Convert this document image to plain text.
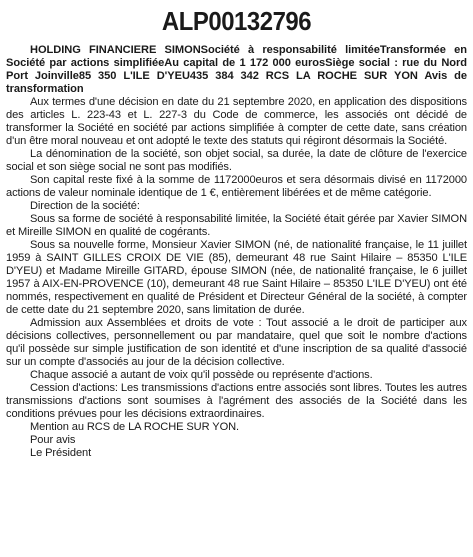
ALP00132796

HOLDING FINANCIERE SIMONSociété à responsabilité limitéeTransformée en Société par actions simplifiéeAu capital de 1 172 000 eurosSiège social : rue du Nord Port Joinville85 350 L'ILE D'YEU435 384 342 RCS LA ROCHE SUR YON Avis de transformation

Aux termes d'une décision en date du 21 septembre 2020, en application des dispositions des articles L. 223-43 et L. 227-3 du Code de commerce, les associés ont décidé de transformer la Société en société par actions simplifiée à compter de cette date, sans création d'un être moral nouveau et ont adopté le texte des statuts qui régiront désormais la Société.

La dénomination de la société, son objet social, sa durée, la date de clôture de l'exercice social et son siège social ne sont pas modifiés.

Son capital reste fixé à la somme de 1172000euros et sera désormais divisé en 1172000 actions de valeur nominale identique de 1 €, entièrement libérées et de même catégorie.

Direction de la société:

Sous sa forme de société à responsabilité limitée, la Société était gérée par Xavier SIMON et Mireille SIMON en qualité de cogérants.

Sous sa nouvelle forme, Monsieur Xavier SIMON (né, de nationalité française, le 11 juillet 1959 à SAINT GILLES CROIX DE VIE (85), demeurant 48 rue Saint Hilaire – 85350 L'ILE D'YEU) et Madame Mireille GITARD, épouse SIMON (née, de nationalité française, le 6 juillet 1957 à AIX-EN-PROVENCE (10), demeurant 48 rue Saint Hilaire – 85350 L'ILE D'YEU) ont été nommés, respectivement en qualité de Président et Directeur Général de la société, à compter de cette date du 21 septembre 2020, sans limitation de durée.

Admission aux Assemblées et droits de vote : Tout associé a le droit de participer aux décisions collectives, personnellement ou par mandataire, quel que soit le nombre d'actions qu'il possède sur simple justification de son identité et d'une inscription de sa qualité d'associé sur un compte d'associés au jour de la décision collective.

Chaque associé a autant de voix qu'il possède ou représente d'actions.

Cession d'actions: Les transmissions d'actions entre associés sont libres. Toutes les autres transmissions d'actions sont soumises à l'agrément des associés de la Société dans les conditions prévues pour les décisions extraordinaires.

Mention au RCS de LA ROCHE SUR YON.

Pour avis

Le Président
